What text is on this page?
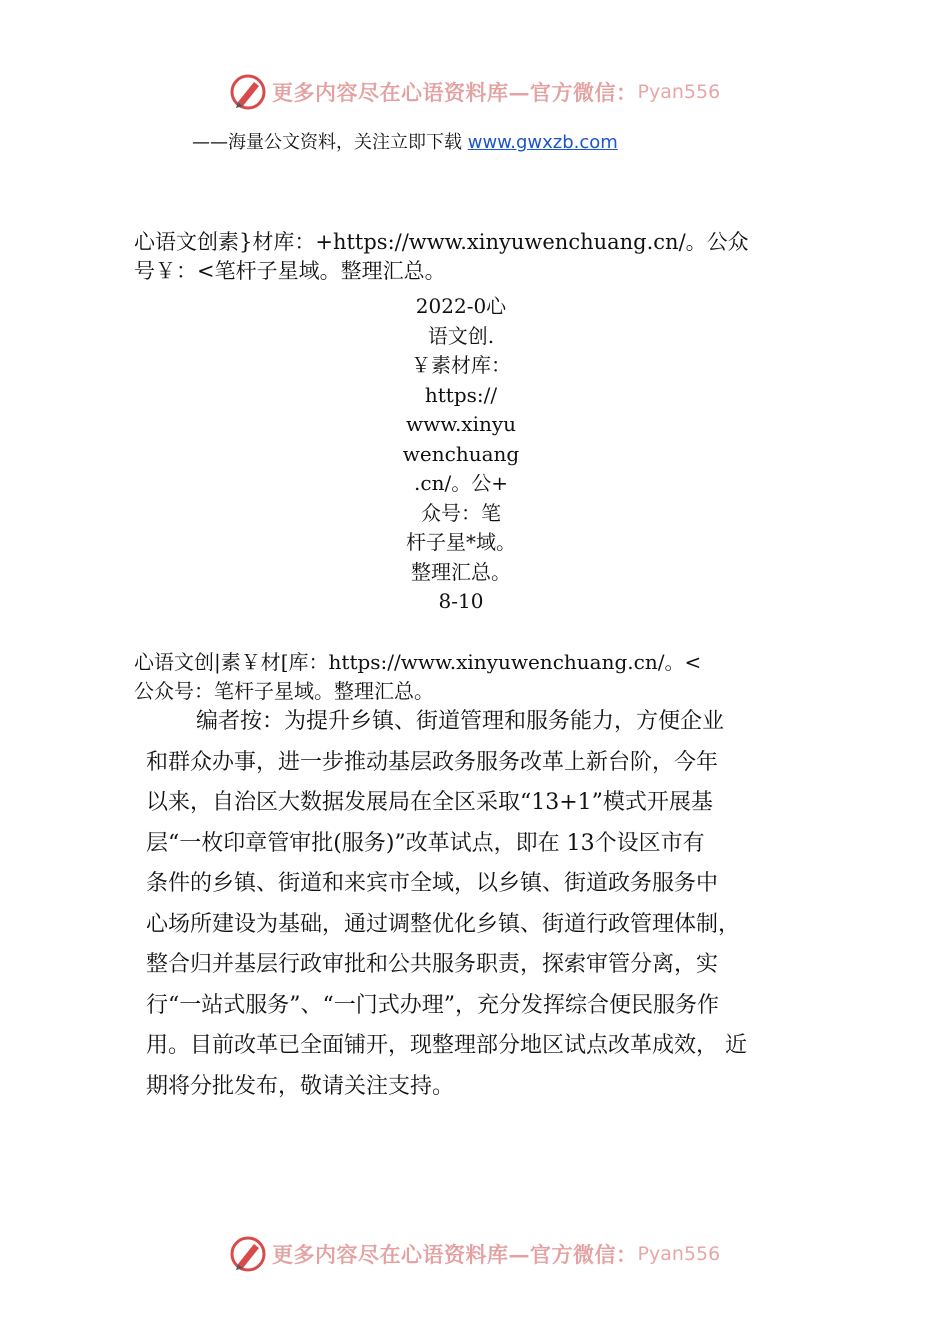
更多内容尽在心语资料库—官方微信： Pyan556
——海量公文资料，关注立即下载 www.gwxzb.com
心语文创素}材库：+https://www.xinyuwenchuang.cn/。公众
号￥：<笔杆子星域。整理汇总。
2022-0心
语文创.
￥素材库：
https://
www.xinyu
wenchuang
.cn/。公+
众号：笔
杆子星*域。
整理汇总。
8-10
心语文创|素￥材[库：https://www.xinyuwenchuang.cn/。<
公众号：笔杆子星域。整理汇总。
编者按：为提升乡镇、街道管理和服务能力，方便企业
和群众办事，进一步推动基层政务服务改革上新台阶，今年
以来，自治区大数据发展局在全区采取“13+1”模式开展基
层“一枚印章管审批(服务)”改革试点，即在 13个设区市有
条件的乡镇、街道和来宾市全域，以乡镇、街道政务服务中
心场所建设为基础，通过调整优化乡镇、街道行政管理体制，
整合归并基层行政审批和公共服务职责，探索审管分离，实
行“一站式服务”、“一门式办理”，充分发挥综合便民服务作
用。目前改革已全面铺开，现整理部分地区试点改革成效， 近
期将分批发布，敬请关注支持。
更多内容尽在心语资料库—官方微信： Pyan556
